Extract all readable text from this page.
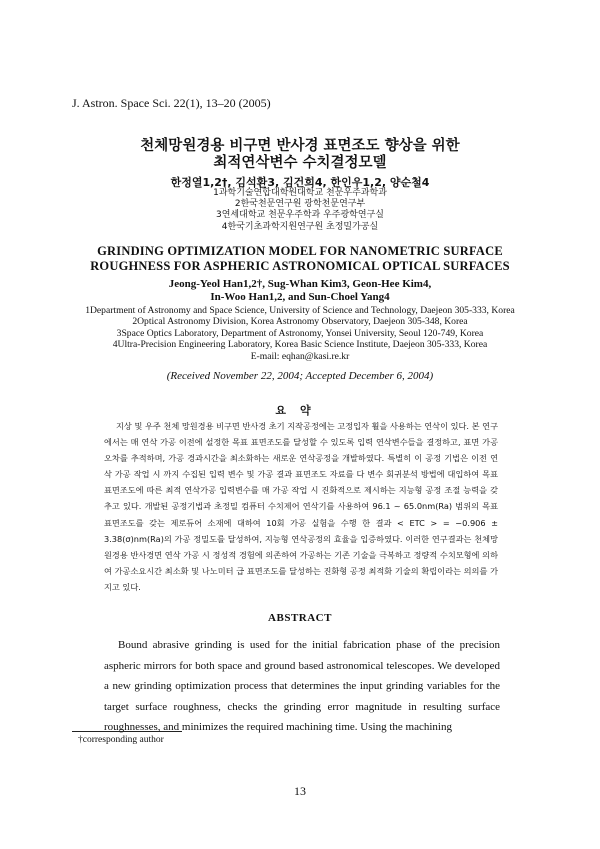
J. Astron. Space Sci. 22(1), 13–20 (2005)
천체망원경용 비구면 반사경 표면조도 향상을 위한
최적연삭변수 수치결정모델
한정열1,2†, 김석환3, 김건희4, 한인우1,2, 양순철4
1과학기술연합대학원대학교 천문우주과학과
2한국천문연구원 광학천문연구부
3연세대학교 천문우주학과 우주광학연구실
4한국기초과학지원연구원 초정밀가공실
GRINDING OPTIMIZATION MODEL FOR NANOMETRIC SURFACE
ROUGHNESS FOR ASPHERIC ASTRONOMICAL OPTICAL SURFACES
Jeong-Yeol Han1,2†, Sug-Whan Kim3, Geon-Hee Kim4,
In-Woo Han1,2, and Sun-Choel Yang4
1Department of Astronomy and Space Science, University of Science and Technology, Daejeon 305-333, Korea
2Optical Astronomy Division, Korea Astronomy Observatory, Daejeon 305-348, Korea
3Space Optics Laboratory, Department of Astronomy, Yonsei University, Seoul 120-749, Korea
4Ultra-Precision Engineering Laboratory, Korea Basic Science Institute, Daejeon 305-333, Korea
E-mail: eqhan@kasi.re.kr
(Received November 22, 2004; Accepted December 6, 2004)
요약
지상 및 우주 천체 망원경용 비구면 반사경 초기 지작공정에는 고정입자 휠을 사용하는 연삭이 있다. 본 연구에서는 매 연삭 가공 이전에 설정한 목표 표면조도를 달성할 수 있도록 입력 연삭변수들을 결정하고, 표면 가공오차를 추적하며, 가공 경과시간을 최소화하는 새로운 연삭공정을 개발하였다. 특별히 이 공정 기법은 이전 연삭 가공 작업 시 까지 수집된 입력 변수 및 가공 결과 표면조도 자료를 다 변수 회귀분석 방법에 대입하여 목표 표면조도에 따른 최적 연삭가공 입력변수를 매 가공 작업 시 진화적으로 제시하는 지능형 공정 조절 능력을 갖추고 있다. 개발된 공정기법과 초정밀 컴퓨터 수치제어 연삭기를 사용하여 96.1 ~ 65.0nm(Ra) 범위의 목표 표면조도를 갖는 제로듀어 소재에 대하여 10회 가공 실험을 수행 한 결과 < ETC > = −0.906 ± 3.38(σ)nm(Ra)의 가공 정밀도를 달성하여, 지능형 연삭공정의 효율을 입증하였다. 이러한 연구결과는 천체망원경용 반사경면 연삭 가공 시 정성적 경험에 의존하여 가공하는 기존 기술을 극복하고 정량적 수치모형에 의하여 가공소요시간 최소화 및 나노미터 급 표면조도를 달성하는 진화형 공정 최적화 기술의 확립이라는 의의를 가지고 있다.
ABSTRACT
Bound abrasive grinding is used for the initial fabrication phase of the precision aspheric mirrors for both space and ground based astronomical telescopes. We developed a new grinding optimization process that determines the input grinding variables for the target surface roughness, checks the grinding error magnitude in resulting surface roughnesses, and minimizes the required machining time. Using the machining
†corresponding author
13
